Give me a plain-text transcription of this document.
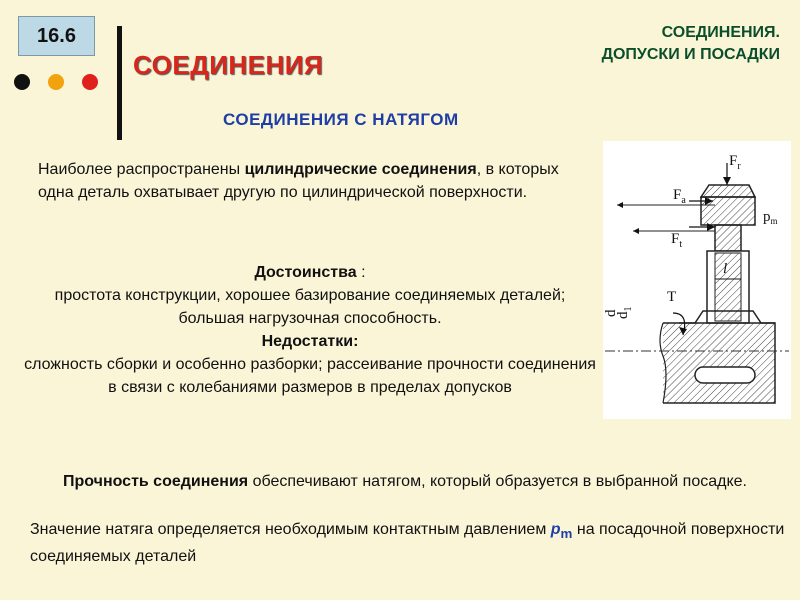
16.6
СОЕДИНЕНИЯ
СОЕДИНЕНИЯ.
ДОПУСКИ И ПОСАДКИ
СОЕДИНЕНИЯ С НАТЯГОМ
Наиболее распространены цилиндрические соединения, в которых одна деталь охватывает другую по цилиндрической поверхности.
Достоинства :
простота конструкции, хорошее базирование соединяемых деталей; большая нагрузочная способность.
Недостатки:
сложность сборки и особенно разборки; рассеивание прочности соединения в связи с колебаниями размеров в пределах допусков
Прочность соединения обеспечивают натягом, который образуется в выбранной посадке.
Значение натяга определяется необходимым контактным давлением $p_m$ на посадочной поверхности соединяемых деталей
$F_r$
$F_a$
$F_t$
$p_m$
l
T
d
$d_1$
